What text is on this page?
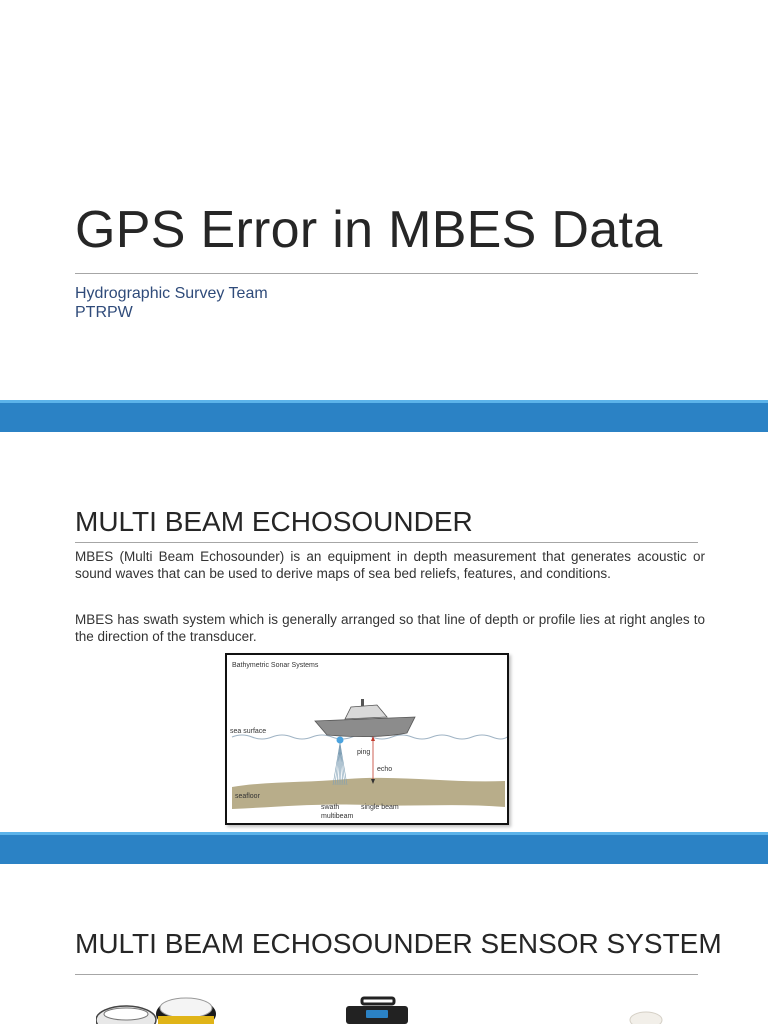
GPS Error in MBES Data
Hydrographic Survey Team
PTRPW
MULTI BEAM ECHOSOUNDER

MBES (Multi Beam Echosounder) is an equipment in depth measurement that generates acoustic or sound waves that can be used to derive maps of sea bed reliefs, features, and conditions.

MBES has swath system which is generally arranged so that line of depth or profile lies at right angles to the direction of the transducer.

Bathymetric Sonar Systems
sea surface
ping
echo
seafloor
swath
multibeam
single beam
MULTI BEAM ECHOSOUNDER SENSOR SYSTEM
